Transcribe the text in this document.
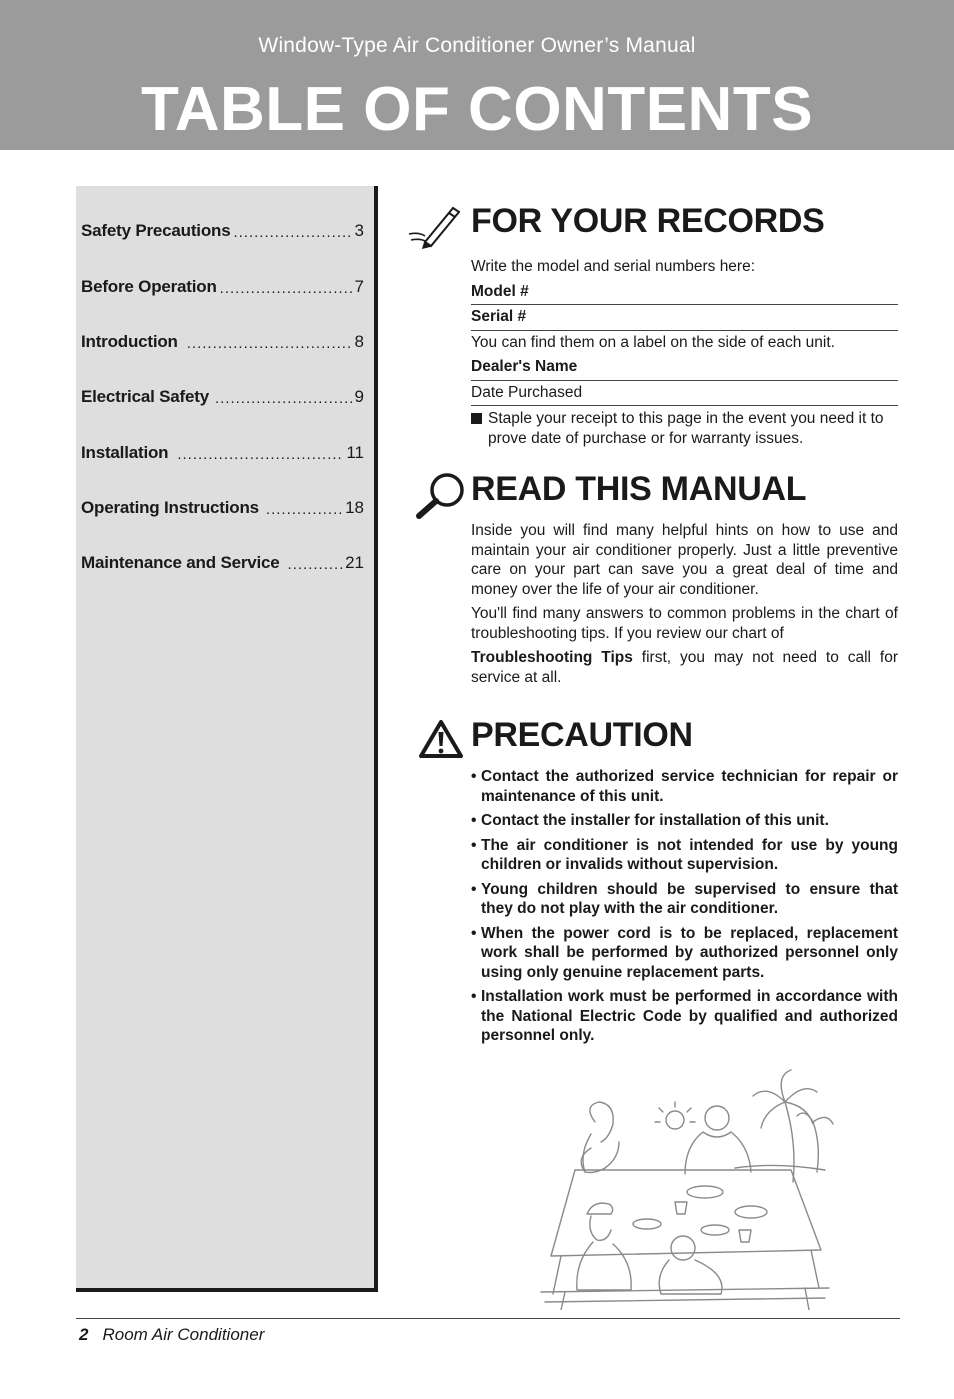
Window-Type Air Conditioner Owner’s Manual
TABLE OF CONTENTS
Safety Precautions .....	3
Before Operation .....	7
Introduction .....	8
Electrical Safety .....	9
Installation .....	11
Operating Instructions .....	18
Maintenance and Service .....	21
FOR YOUR RECORDS
Write the model and serial numbers here:
Model #
Serial #
You can find them on a label on the side of each unit.
Dealer's Name
Date Purchased
Staple your receipt to this page in the event you need it to prove date of purchase or for warranty issues.
READ THIS MANUAL

Inside you will find many helpful hints on how to use and maintain your air conditioner properly. Just a little preventive care on your part can save you a great deal of time and money over the life of your air conditioner.

You'll find many answers to common problems in the chart of troubleshooting tips. If you review our chart of

Troubleshooting Tips first, you may not need to call for service at all.

PRECAUTION
• Contact the authorized service technician for repair or maintenance of this unit.
• Contact the installer for installation of this unit.
• The air conditioner is not intended for use by young children or invalids without supervision.
• Young children should be supervised to ensure that they do not play with the air conditioner.
• When the power cord is to be replaced, replacement work shall be performed by authorized personnel only using only genuine replacement parts.
• Installation work must be performed in accordance with the National Electric Code by qualified and authorized personnel only.
2 Room Air Conditioner
